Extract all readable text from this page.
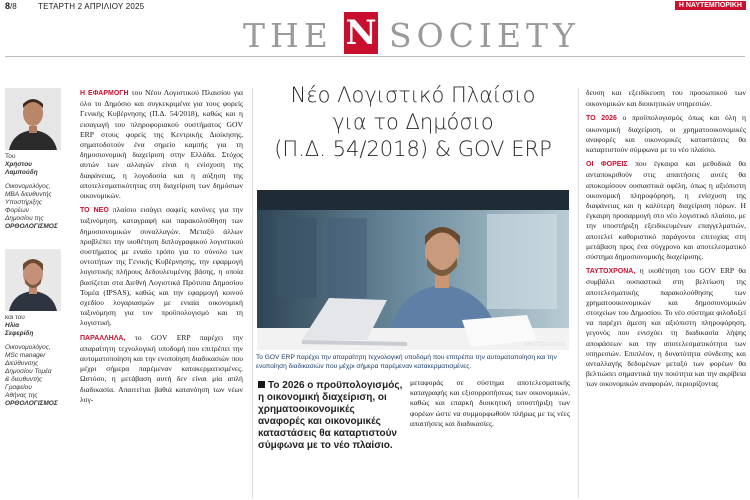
8/8	ΤΕΤΑΡΤΗ 2 ΑΠΡΙΛΙΟΥ 2025	Η ΝΑΥΤΕΜΠΟΡΙΚΗ
THE N SOCIETY
Του
Χρήστου
Λαμπούδη
Οικονομολόγος,
MBA διευθυντής
Υποστήριξης
Φορέων
Δημοσίου της
ΟΡΘΟΛΟΓΙΣΜΟΣ
και του
Ηλία
Σεφερίδη
Οικονομολόγος,
MSc manager
Διεύθυνσης
Δημοσίου Τομέα
& διευθυντής
Γραφείου
Αθήνας της
ΟΡΘΟΛΟΓΙΣΜΟΣ

Η ΕΦΑΡΜΟΓΗ του Νέου Λογιστικού Πλαισίου για όλο το Δημόσιο και συγκεκριμένα για τους φορείς Γενικής Κυβέρνησης (Π.Δ. 54/2018), καθώς και η εισαγωγή του πληροφοριακού συστήματος GOV ERP στους φορείς της Κεντρικής Διοίκησης, σηματοδοτούν ένα σημείο καμπής για τη δημοσιονομική διαχείριση στην Ελλάδα. Στόχος αυτών των αλλαγών είναι η ενίσχυση της διαφάνειας, η λογοδοσία και η αύξηση της αποτελεσματικότητας στη διαχείριση των δημόσιων οικονομικών.

ΤΟ ΝΕΟ πλαίσιο εισάγει σαφείς κανόνες για την ταξινόμηση, καταγραφή και παρακολούθηση των δημοσιονομικών συναλλαγών. Μεταξύ άλλων προβλέπει την υιοθέτηση διπλογραφικού λογιστικού συστήματος με ενιαίο τρόπο για το σύνολο των οντοτήτων της Γενικής Κυβέρνησης, την εφαρμογή λογιστικής πλήρους δεδουλευμένης βάσης, η οποία βασίζεται στα Διεθνή Λογιστικά Πρότυπα Δημοσίου Τομέα (IPSAS), καθώς και την εφαρμογή κοινού σχεδίου λογαριασμών με ενιαία οικονομική ταξινόμηση για τον προϋπολογισμό και τη λογιστική.

ΠΑΡΑΛΛΗΛΑ, το GOV ERP παρέχει την απαραίτητη τεχνολογική υποδομή που επιτρέπει την αυτοματοποίηση και την ενοποίηση διαδικασιών που μέχρι σήμερα παρέμεναν κατακερματισμένες. Ωστόσο, η μετάβαση αυτή δεν είναι μία απλή διαδικασία. Απαιτείται βαθιά κατανόηση των νέων λογ-

Νέο Λογιστικό Πλαίσιο
για το Δημόσιο
(Π.Δ. 54/2018) & GOV ERP
SHUTTERSTOCK
Το GOV ERP παρέχει την απαραίτητη τεχνολογική υποδομή που επιτρέπει την αυτοματοποίηση και την ενοποίηση διαδικασιών που μέχρι σήμερα παρέμεναν κατακερματισμένες.
Το 2026 ο προϋπολογισμός, η οικονομική διαχείριση, οι χρηματοοικονομικές αναφορές και οικονομικές καταστάσεις θα καταρτιστούν σύμφωνα με το νέο πλαίσιο.

μεταφοράς σε σύστημα αποτελεσματικής καταγραφής και εξισορροπήσεως των οικονομικών, καθώς και επαρκή διοικητική υποστήριξη των φορέων ώστε να συμμορφωθούν πλήρως με τις νέες απαιτήσεις και διαδικασίες.

δευση και εξειδίκευση του προσωπικού των οικονομικών και διοικητικών υπηρεσιών.

ΤΟ 2026 ο προϋπολογισμός όπως και όλη η οικονομική διαχείριση, οι χρηματοοικονομικές αναφορές και οικονομικές καταστάσεις θα καταρτιστούν σύμφωνα με το νέο πλαίσιο.

ΟΙ ΦΟΡΕΙΣ που έγκαιρα και μεθοδικά θα ανταποκριθούν στις απαιτήσεις αυτές θα αποκομίσουν ουσιαστικά οφέλη, όπως η αξιόπιστη οικονομική πληροφόρηση, η ενίσχυση της διαφάνειας και η καλύτερη διαχείριση πόρων. Η έγκαιρη προσαρμογή στο νέο λογιστικό πλαίσιο, με την υποστήριξη εξειδικευμένων επαγγελματιών, αποτελεί καθοριστικό παράγοντα επιτυχίας στη μετάβαση προς ένα σύγχρονο και αποτελεσματικό σύστημα δημοσιονομικής διαχείρισης.

ΤΑΥΤΟΧΡΟΝΑ, η υιοθέτηση του GOV ERP θα συμβάλει ουσιαστικά στη βελτίωση της αποτελεσματικής παρακολούθησης των χρηματοοικονομικών και δημοσιονομικών στοιχείων του Δημοσίου. Το νέο σύστημα φιλοδοξεί να παρέχει άμεση και αξιόπιστη πληροφόρηση, γεγονός που ενισχύει τη διαδικασία λήψης αποφάσεων και την αποτελεσματικότητα των υπηρεσιών. Επιπλέον, η δυνατότητα σύνδεσης και ανταλλαγής δεδομένων μεταξύ των φορέων θα βελτιώσει σημαντικά την ποιότητα και την ακρίβεια των οικονομικών αναφορών, περιορίζοντας
